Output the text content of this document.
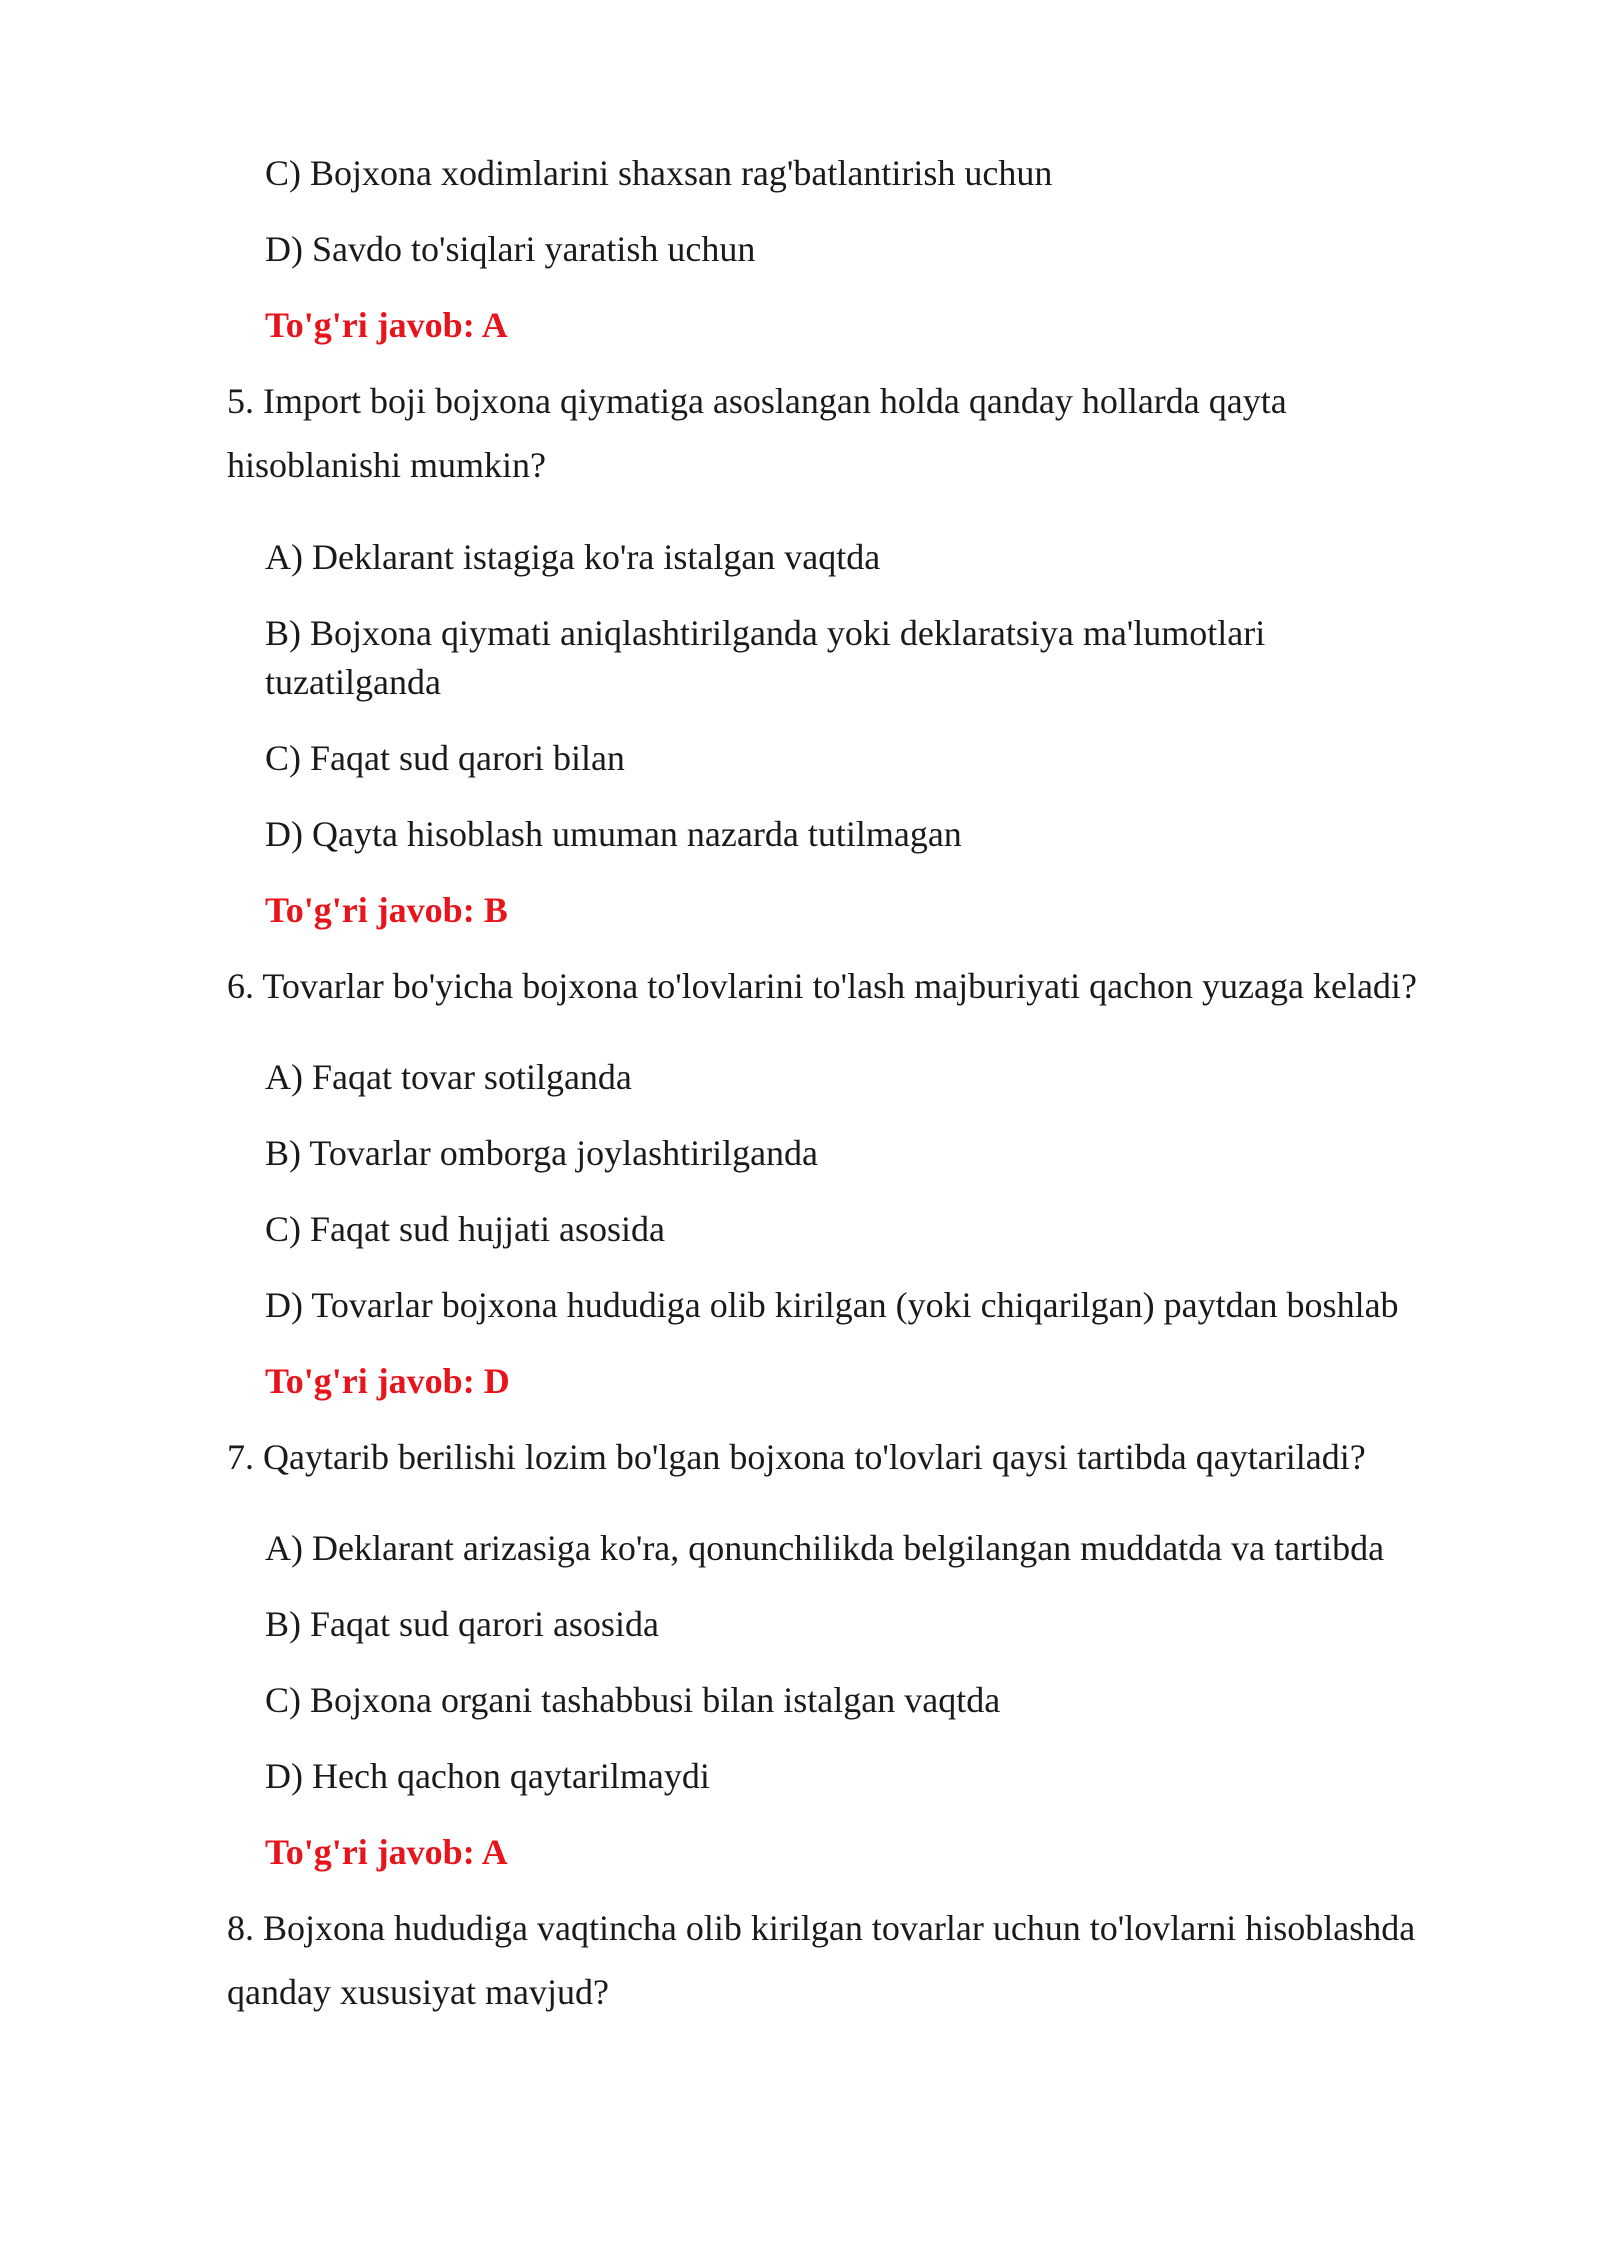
C) Bojxona xodimlarini shaxsan rag'batlantirish uchun
D) Savdo to'siqlari yaratish uchun
To'g'ri javob: A
5. Import boji bojxona qiymatiga asoslangan holda qanday hollarda qayta
hisoblanishi mumkin?
A) Deklarant istagiga ko'ra istalgan vaqtda
B) Bojxona qiymati aniqlashtirilganda yoki deklaratsiya ma'lumotlari
tuzatilganda
C) Faqat sud qarori bilan
D) Qayta hisoblash umuman nazarda tutilmagan
To'g'ri javob: B
6. Tovarlar bo'yicha bojxona to'lovlarini to'lash majburiyati qachon yuzaga keladi?
A) Faqat tovar sotilganda
B) Tovarlar omborga joylashtirilganda
C) Faqat sud hujjati asosida
D) Tovarlar bojxona hududiga olib kirilgan (yoki chiqarilgan) paytdan boshlab
To'g'ri javob: D
7. Qaytarib berilishi lozim bo'lgan bojxona to'lovlari qaysi tartibda qaytariladi?
A) Deklarant arizasiga ko'ra, qonunchilikda belgilangan muddatda va tartibda
B) Faqat sud qarori asosida
C) Bojxona organi tashabbusi bilan istalgan vaqtda
D) Hech qachon qaytarilmaydi
To'g'ri javob: A
8. Bojxona hududiga vaqtincha olib kirilgan tovarlar uchun to'lovlarni hisoblashda
qanday xususiyat mavjud?
